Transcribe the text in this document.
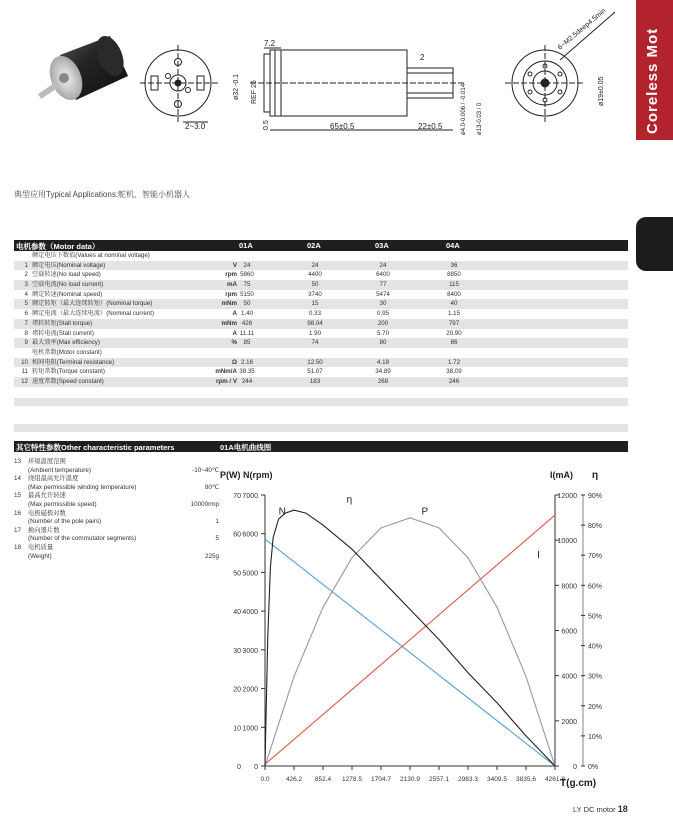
Coreless Mot
2~3.0
7.2
2
65±0.5	22±0.5
ø32 -0.1 REF 25
0.5	ø4.0-0.006 / -0.014 ø13-0.03 / 0
6~M2.5deep4.5min
ø19±0.05
典型应用Typical Applications:舵机、智能小机器人
电机参数（Motor data）	01A	02A	03A	04A
额定电压下数值(Values at nominal voltage)
1 额定电压(Nominal voltage)	V	24	24	24	36
2 空载转速(No load speed)	rpm 5860	4400	6400	8850
3 空载电流(No load current)	mA	75	50	77	115
4 额定转速(Nominal speed)	rpm 5150	3740	5474	8400
5 额定转矩（最大连续转矩）(Nominal torque)	mNm	50	15	30	40
6 额定电流（最大连续电流）(Nominal current)	A 1.40	0.33	0.95	1.15
7 堵转转矩(Stall torque)	mNm 426	98.04	200	797
8 堵转电流(Stall current)	A 11.11	1.90	5.70	20.90
9 最大效率(Max efficiency)	%	85	74	80	86
电机常数(Motor constant)
10 相间电阻(Terminal resistance)	Ω 2.16	12.50	4.18	1.72
11 转矩常数(Torque constant)	mNm/A 38.35	51.07	34.89	38.09
12 速度常数(Speed constant)	rpm / V 244	183	268	246
其它特性参数Other characteristic parameters	01A电机曲线图
13	环境温度范围
(Ambient temperature)	-10~40℃
14	绕组最高允许温度
(Max permissible winding temperature)	80℃
15	最高允许转速
(Max permissible speed)	10000rmp
16	电极磁极对数
(Number of the pole pairs)	1
17	换向器片数
(Number of the commutator segments)	5
18	电机质量
(Weight)	225g
0 0
10 1000
20 2000
30 3000
40 4000
50 5000
60 6000
70 7000
0
2000
4000
6000
8000
10000
12000
0%
10%
20%
30%
40%
50%
60%
70%
80%
90%
0.0	426.2 852.4 1278.5 1704.7 2130.9 2557.1 2983.3 3409.5 3835.6 4261.8
P(W) N(rpm)	I(mA) η
T(g.cm)
N
η
P
I
LY DC motor 18
